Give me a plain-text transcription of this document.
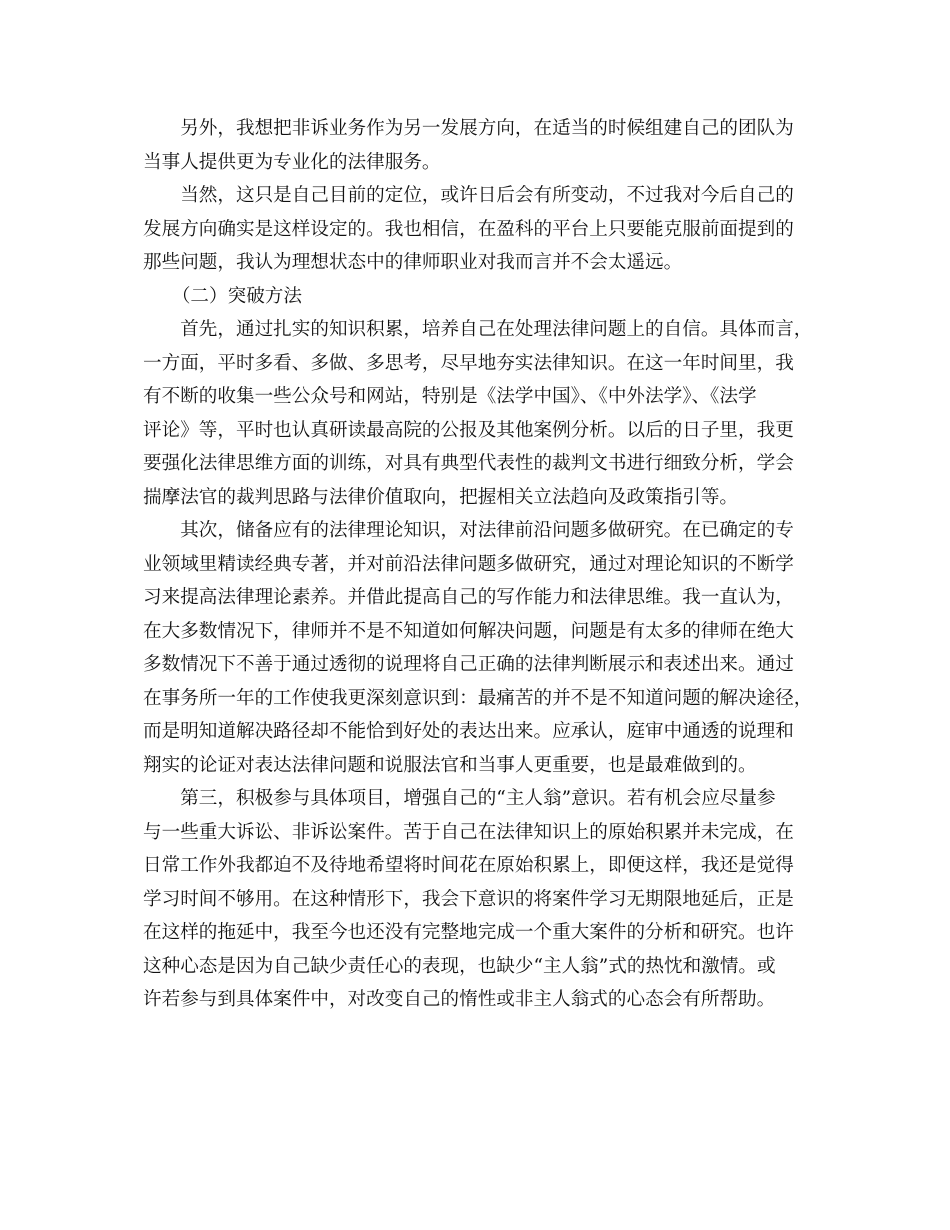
另外，我想把非诉业务作为另一发展方向，在适当的时候组建自己的团队为
当事人提供更为专业化的法律服务。

当然，这只是自己目前的定位，或许日后会有所变动，不过我对今后自己的
发展方向确实是这样设定的。我也相信，在盈科的平台上只要能克服前面提到的
那些问题，我认为理想状态中的律师职业对我而言并不会太遥远。

（二）突破方法

首先，通过扎实的知识积累，培养自己在处理法律问题上的自信。具体而言，
一方面，平时多看、多做、多思考，尽早地夯实法律知识。在这一年时间里，我
有不断的收集一些公众号和网站，特别是《法学中国》、《中外法学》、《法学
评论》等，平时也认真研读最高院的公报及其他案例分析。以后的日子里，我更
要强化法律思维方面的训练，对具有典型代表性的裁判文书进行细致分析，学会
揣摩法官的裁判思路与法律价值取向，把握相关立法趋向及政策指引等。

其次，储备应有的法律理论知识，对法律前沿问题多做研究。在已确定的专
业领域里精读经典专著，并对前沿法律问题多做研究，通过对理论知识的不断学
习来提高法律理论素养。并借此提高自己的写作能力和法律思维。我一直认为，
在大多数情况下，律师并不是不知道如何解决问题，问题是有太多的律师在绝大
多数情况下不善于通过透彻的说理将自己正确的法律判断展示和表述出来。通过
在事务所一年的工作使我更深刻意识到：最痛苦的并不是不知道问题的解决途径，
而是明知道解决路径却不能恰到好处的表达出来。应承认，庭审中通透的说理和
翔实的论证对表达法律问题和说服法官和当事人更重要，也是最难做到的。

第三，积极参与具体项目，增强自己的“主人翁”意识。若有机会应尽量参
与一些重大诉讼、非诉讼案件。苦于自己在法律知识上的原始积累并未完成，在
日常工作外我都迫不及待地希望将时间花在原始积累上，即便这样，我还是觉得
学习时间不够用。在这种情形下，我会下意识的将案件学习无期限地延后，正是
在这样的拖延中，我至今也还没有完整地完成一个重大案件的分析和研究。也许
这种心态是因为自己缺少责任心的表现，也缺少“主人翁”式的热忱和激情。或
许若参与到具体案件中，对改变自己的惰性或非主人翁式的心态会有所帮助。
